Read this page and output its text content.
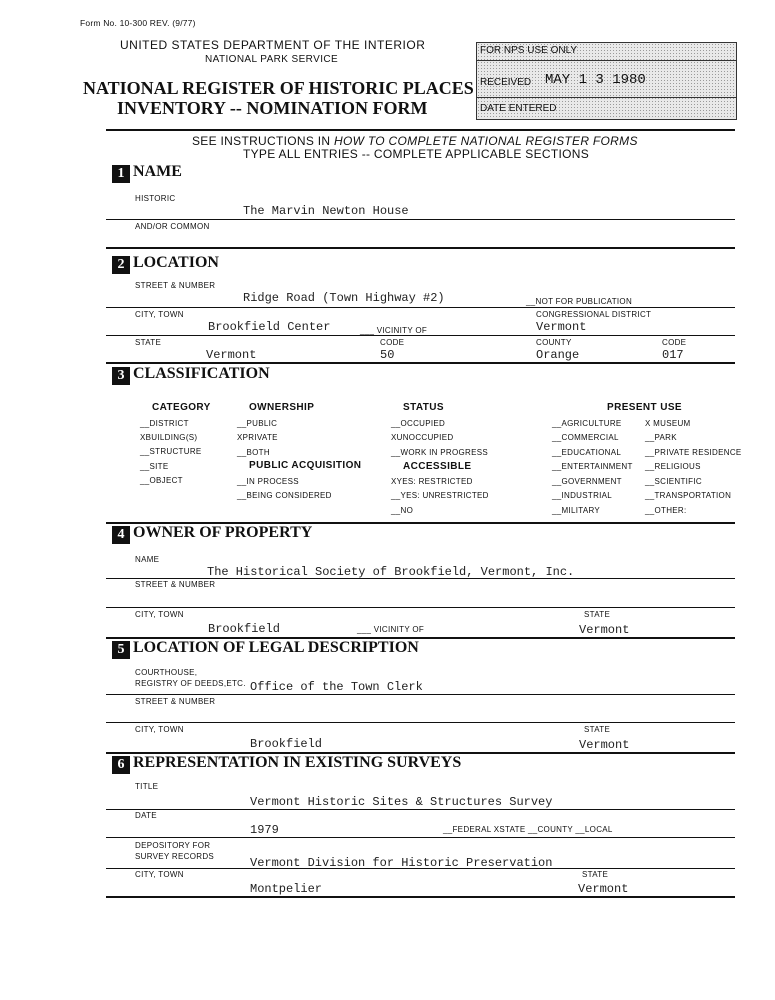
Form No. 10-300 REV. (9/77)
UNITED STATES DEPARTMENT OF THE INTERIOR
NATIONAL PARK SERVICE
NATIONAL REGISTER OF HISTORIC PLACES
INVENTORY -- NOMINATION FORM
FOR NPS USE ONLY
RECEIVED MAY 1 3 1980
DATE ENTERED
SEE INSTRUCTIONS IN HOW TO COMPLETE NATIONAL REGISTER FORMS
TYPE ALL ENTRIES -- COMPLETE APPLICABLE SECTIONS
1 NAME
HISTORIC
The Marvin Newton House
AND/OR COMMON
2 LOCATION
STREET & NUMBER
Ridge Road (Town Highway #2)	__NOT FOR PUBLICATION
CITY, TOWN	CONGRESSIONAL DISTRICT
Brookfield Center	___ VICINITY OF	Vermont
STATE	CODE	COUNTY	CODE
Vermont	50	Orange	017
3 CLASSIFICATION
CATEGORY
__DISTRICT
XBUILDING(S)
__STRUCTURE
__SITE
__OBJECT
OWNERSHIP
__PUBLIC
XPRIVATE
__BOTH
PUBLIC ACQUISITION
__IN PROCESS
__BEING CONSIDERED
STATUS
__OCCUPIED
XUNOCCUPIED
__WORK IN PROGRESS
ACCESSIBLE
XYES: RESTRICTED
__YES: UNRESTRICTED
__NO
PRESENT USE
__AGRICULTURE
__COMMERCIAL
__EDUCATIONAL
__ENTERTAINMENT
__GOVERNMENT
__INDUSTRIAL
__MILITARY
X MUSEUM
__PARK
__PRIVATE RESIDENCE
__RELIGIOUS
__SCIENTIFIC
__TRANSPORTATION
__OTHER:
4 OWNER OF PROPERTY
NAME
The Historical Society of Brookfield, Vermont, Inc.
STREET & NUMBER
CITY, TOWN	STATE
Brookfield	___ VICINITY OF	Vermont
5 LOCATION OF LEGAL DESCRIPTION
COURTHOUSE,
REGISTRY OF DEEDS,ETC. Office of the Town Clerk
STREET & NUMBER
CITY, TOWN	STATE
Brookfield	Vermont
6 REPRESENTATION IN EXISTING SURVEYS
TITLE
Vermont Historic Sites & Structures Survey
DATE
1979	__FEDERAL XSTATE __COUNTY __LOCAL
DEPOSITORY FOR
SURVEY RECORDS	Vermont Division for Historic Preservation
CITY, TOWN	STATE
Montpelier	Vermont
